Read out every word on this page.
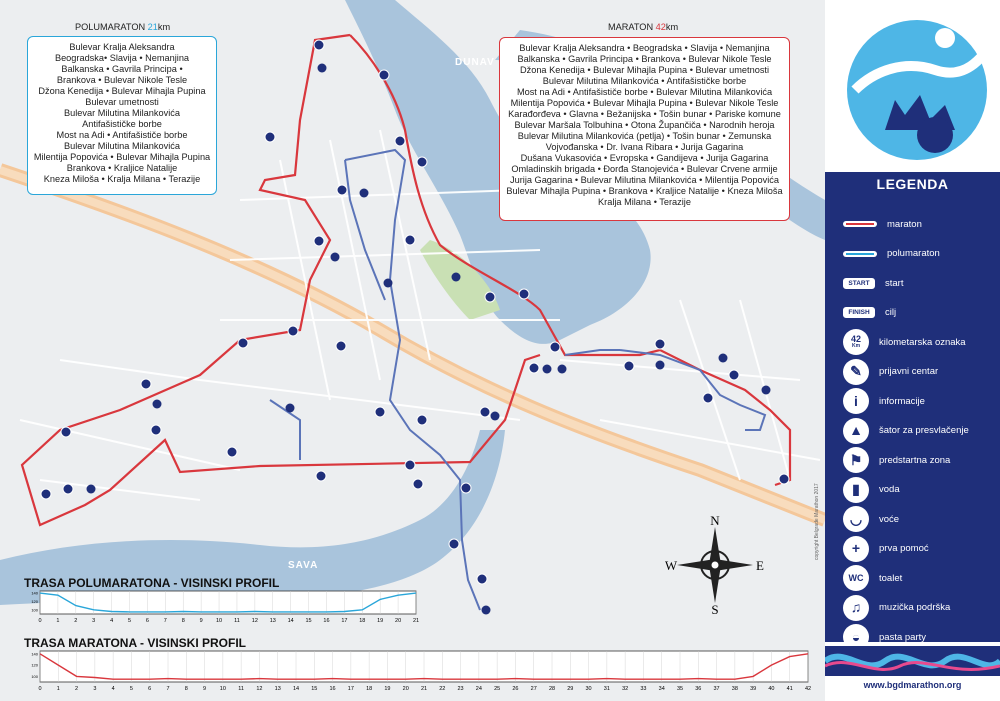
DUNAV
SAVA
POLUMARATON 21km
Bulevar Kralja Aleksandra
Beogradska• Slavija • Nemanjina
Balkanska • Gavrila Principa •
Brankova • Bulevar Nikole Tesle
Džona Kenedija • Bulevar Mihajla Pupina
Bulevar umetnosti
Bulevar Milutina Milankovića
Antifašističke borbe
Most na Adi • Antifašističe borbe
Bulevar Milutina Milankovića
Milentija Popovića • Bulevar Mihajla Pupina
Brankova • Kraljice Natalije
Kneza Miloša • Kralja Milana • Terazije
MARATON 42km
Bulevar Kralja Aleksandra • Beogradska • Slavija • Nemanjina
Balkanska • Gavrila Principa • Brankova • Bulevar Nikole Tesle
Džona Kenedija • Bulevar Mihajla Pupina • Bulevar umetnosti
Bulevar Milutina Milankovića • Antifašističke borbe
Most na Adi • Antifašističe borbe • Bulevar Milutina Milankovića
Milentija Popovića • Bulevar Mihajla Pupina • Bulevar Nikole Tesle
Karađorđeva • Glavna • Bežanijska • Tošin bunar • Pariske komune
Bulevar Maršala Tolbuhina • Otona Župančiča • Narodnih heroja
Bulevar Milutina Milankovića (petlja) • Tošin bunar • Zemunska
Vojvođanska • Dr. Ivana Ribara • Jurija Gagarina
Dušana Vukasovića • Evropska • Gandijeva • Jurija Gagarina
Omladinskih brigada • Đorđa Stanojevića • Bulevar Crvene armije
Jurija Gagarina • Bulevar Milutina Milankovića • Milentija Popovića
Bulevar Mihajla Pupina • Brankova • Kraljice Natalije • Kneza Miloša
Kralja Milana • Terazije
N
S
E
W
copyright Belgrade Marathon 2017
TRASA POLUMARATONA - VISINSKI PROFIL
0	1	2	3	4	5	6	7	8	9 10 11 12 13 14 15 16 17 18 19 20 21
140
120
100
TRASA MARATONA - VISINSKI PROFIL
0	1	2	3	4	5	6	7	8	9 10 11 12 13 14 15 16 17 18 19 20 21 22 23 24 25 26 27 28 29 30 31 32 33 34 35 36 37 38 39 40 41 42
140
120
100
LEGENDA
maraton
polumaraton
START	start
FINISH	cilj
42
Km kilometarska oznaka
✎	prijavni centar
i	informacije
▲	šator za presvlačenje
⚑	predstartna zona
▮	voda
◡	voće
+	prva pomoć
WC	toalet
♫	muzička podrška
◒	pasta party
www.bgdmarathon.org
